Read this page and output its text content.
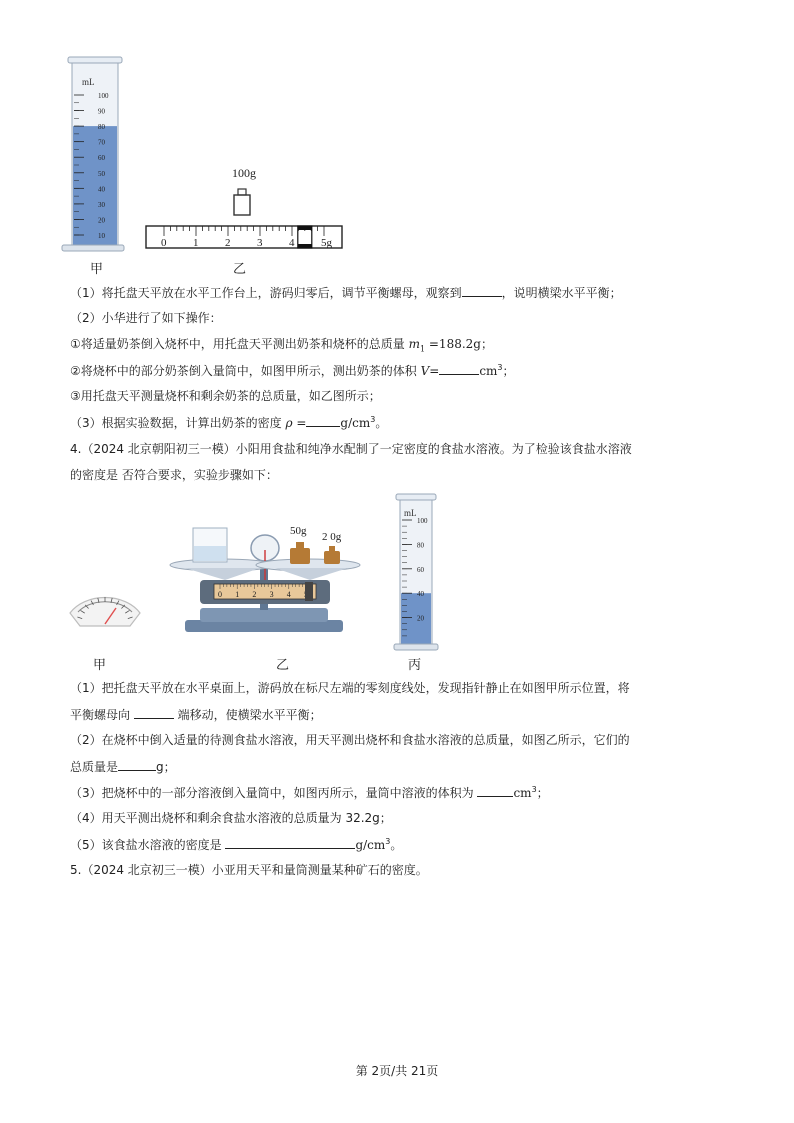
mL
100
90
80
70
60
50
40
30
20
10
100g
0 1 2 3 4 5g
甲	乙
（1）将托盘天平放在水平工作台上，游码归零后，调节平衡螺母，观察到	，说明横梁水平平衡；
（2）小华进行了如下操作：
①将适量奶茶倒入烧杯中，用托盘天平测出奶茶和烧杯的总质量 $m_1 =188.2g$；
②将烧杯中的部分奶茶倒入量筒中，如图甲所示，测出奶茶的体积 V=	$cm^3$；
③用托盘天平测量烧杯和剩余奶茶的总质量，如乙图所示；
（3）根据实验数据，计算出奶茶的密度 ρ =	$g/cm^3$。
4.（2024 北京朝阳初三一模）小阳用食盐和纯净水配制了一定密度的食盐水溶液。为了检验该食盐水溶液
的密度是 否符合要求，实验步骤如下：
0 1 2 3 4
50g 2 0g
mL
100
80
60
40
20
甲	乙	丙
（1）把托盘天平放在水平桌面上，游码放在标尺左端的零刻度线处，发现指针静止在如图甲所示位置，将
平衡螺母向	端移动，使横梁水平平衡；
（2）在烧杯中倒入适量的待测食盐水溶液，用天平测出烧杯和食盐水溶液的总质量，如图乙所示，它们的
总质量是	g；
（3）把烧杯中的一部分溶液倒入量筒中，如图丙所示，量筒中溶液的体积为	$cm^3$；
（4）用天平测出烧杯和剩余食盐水溶液的总质量为 32.2g；
（5）该食盐水溶液的密度是	$g/cm^3$。
5.（2024 北京初三一模）小亚用天平和量筒测量某种矿石的密度。
第 2页/共 21页
